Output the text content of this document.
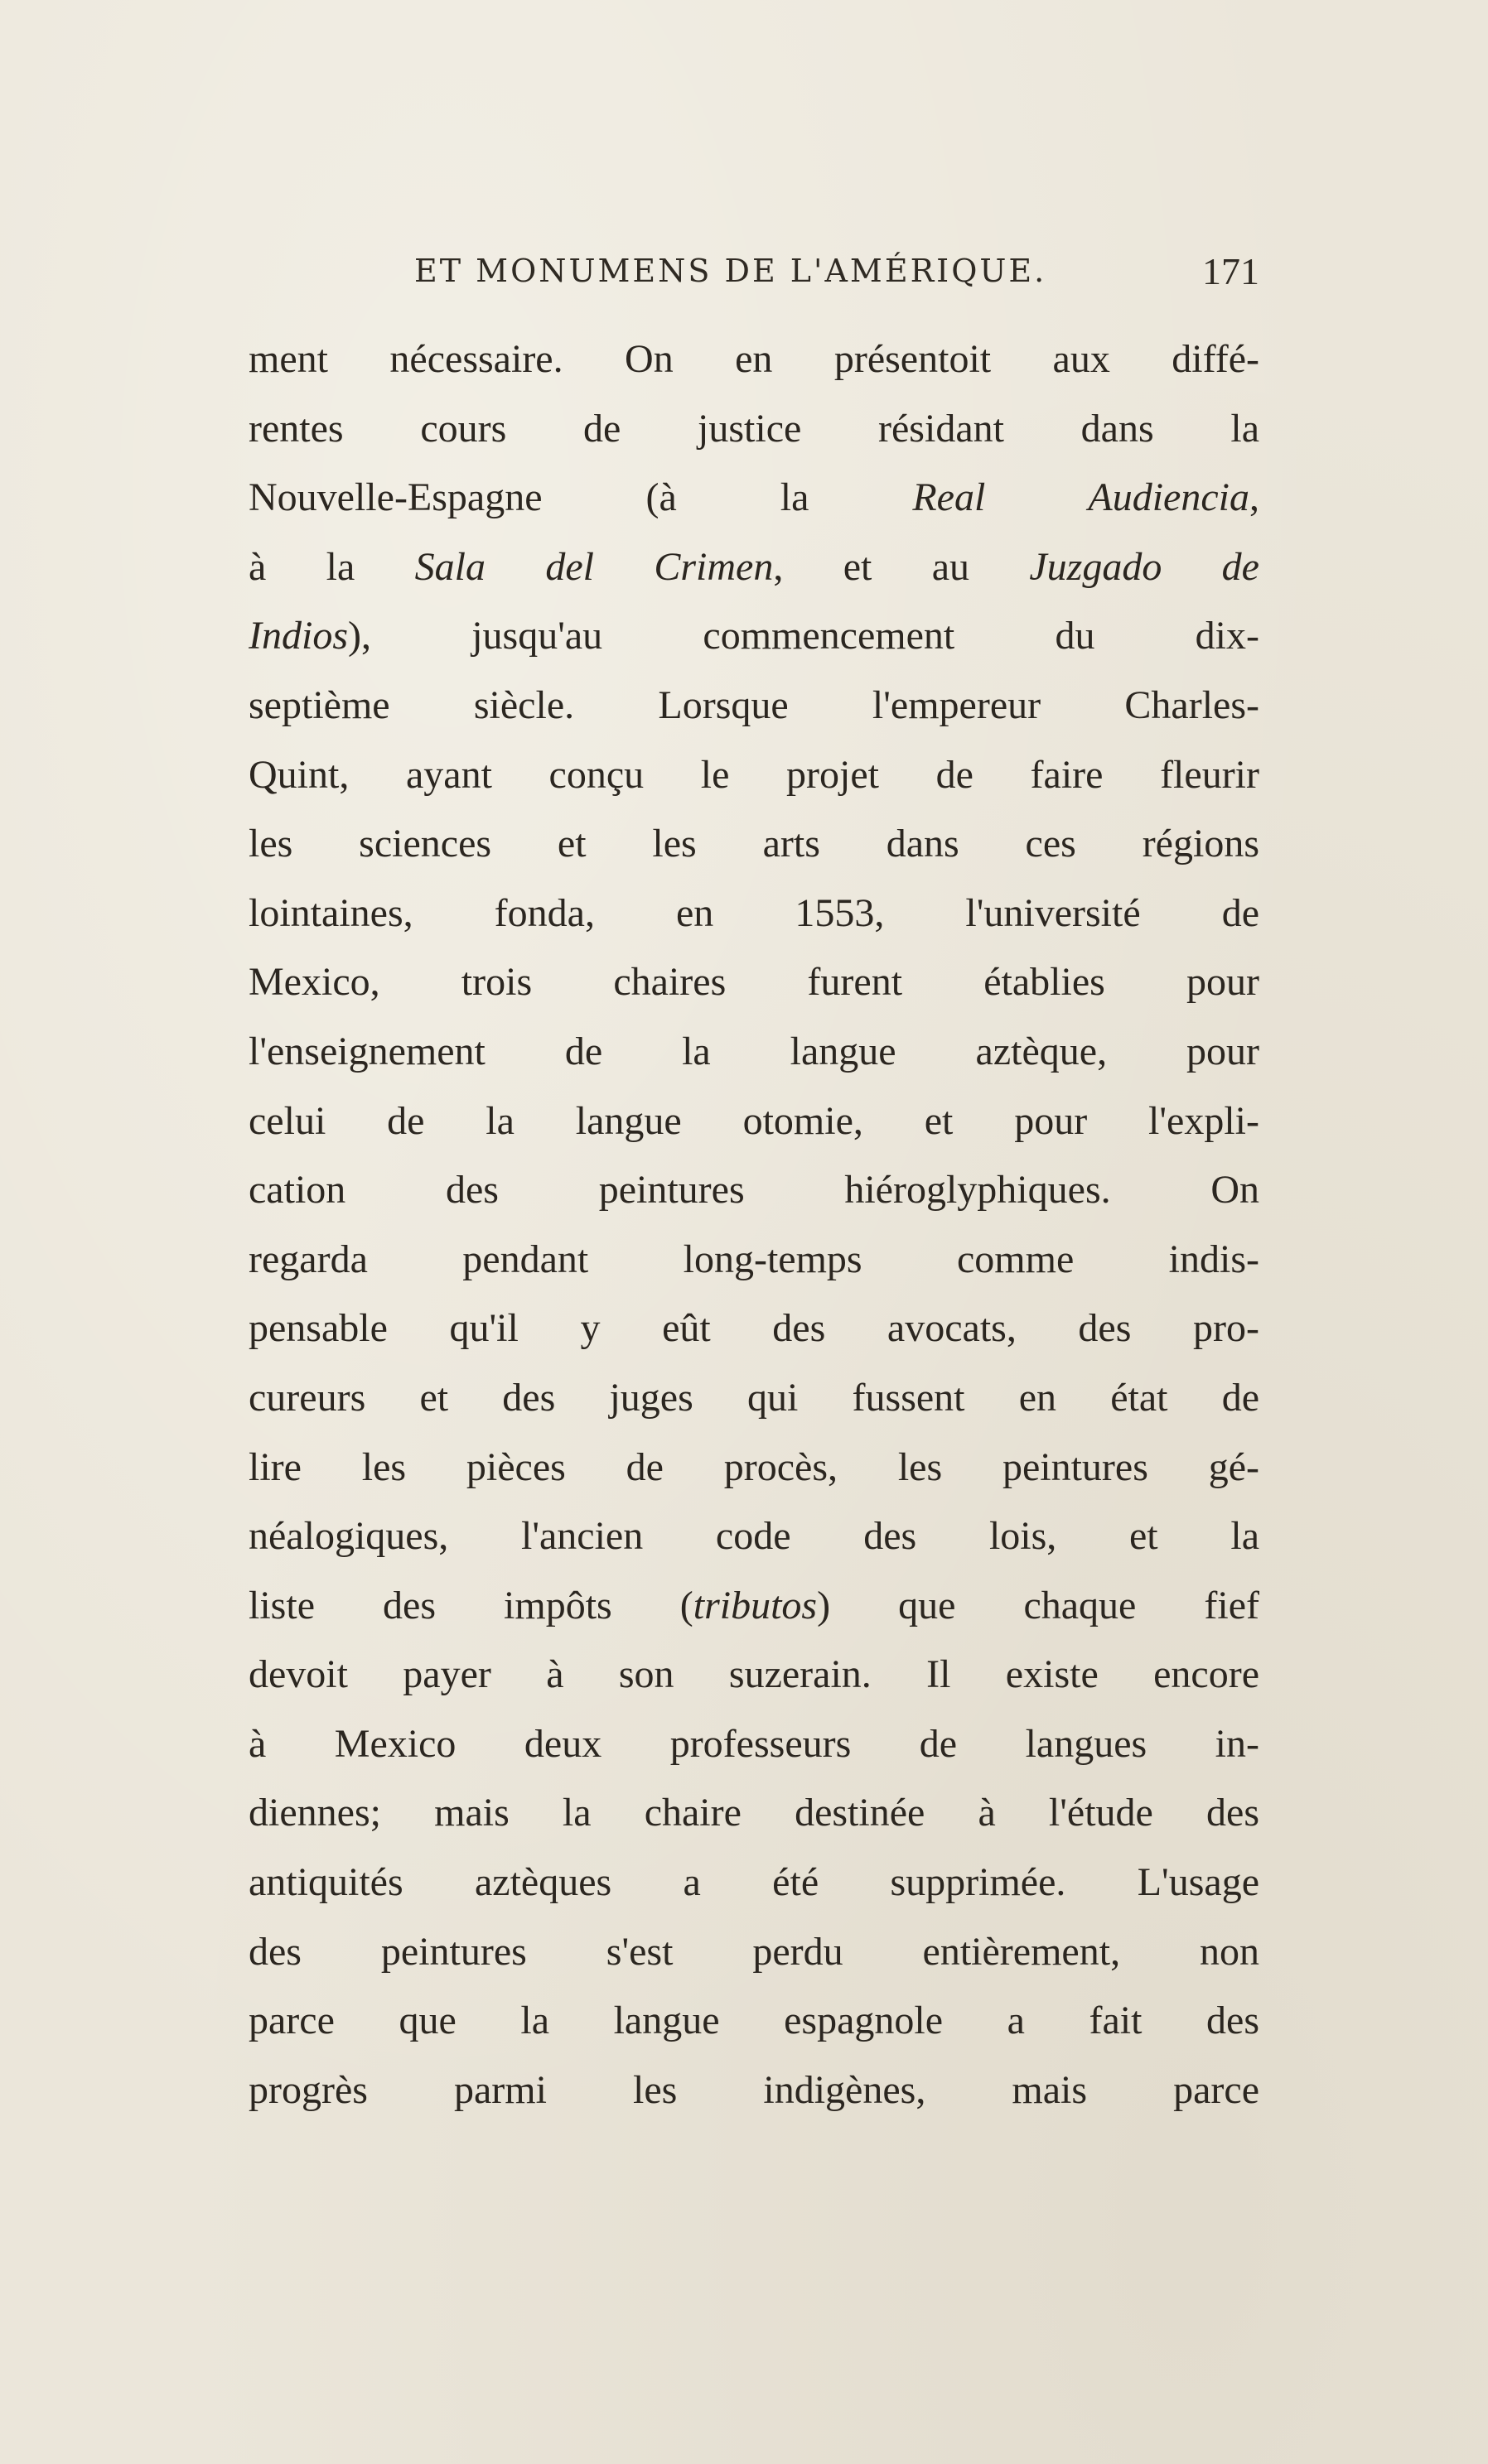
ET MONUMENS DE L'AMÉRIQUE.	171
ment nécessaire. On en présentoit aux diffé-
rentes cours de justice résidant dans la
Nouvelle-Espagne (à la Real Audiencia,
à la Sala del Crimen, et au Juzgado de
Indios), jusqu'au commencement du dix-
septième siècle. Lorsque l'empereur Charles-
Quint, ayant conçu le projet de faire fleurir
les sciences et les arts dans ces régions
lointaines, fonda, en 1553, l'université de
Mexico, trois chaires furent établies pour
l'enseignement de la langue aztèque, pour
celui de la langue otomie, et pour l'expli-
cation des peintures hiéroglyphiques. On
regarda pendant long-temps comme indis-
pensable qu'il y eût des avocats, des pro-
cureurs et des juges qui fussent en état de
lire les pièces de procès, les peintures gé-
néalogiques, l'ancien code des lois, et la
liste des impôts (tributos) que chaque fief
devoit payer à son suzerain. Il existe encore
à Mexico deux professeurs de langues in-
diennes; mais la chaire destinée à l'étude des
antiquités aztèques a été supprimée. L'usage
des peintures s'est perdu entièrement, non
parce que la langue espagnole a fait des
progrès parmi les indigènes, mais parce
